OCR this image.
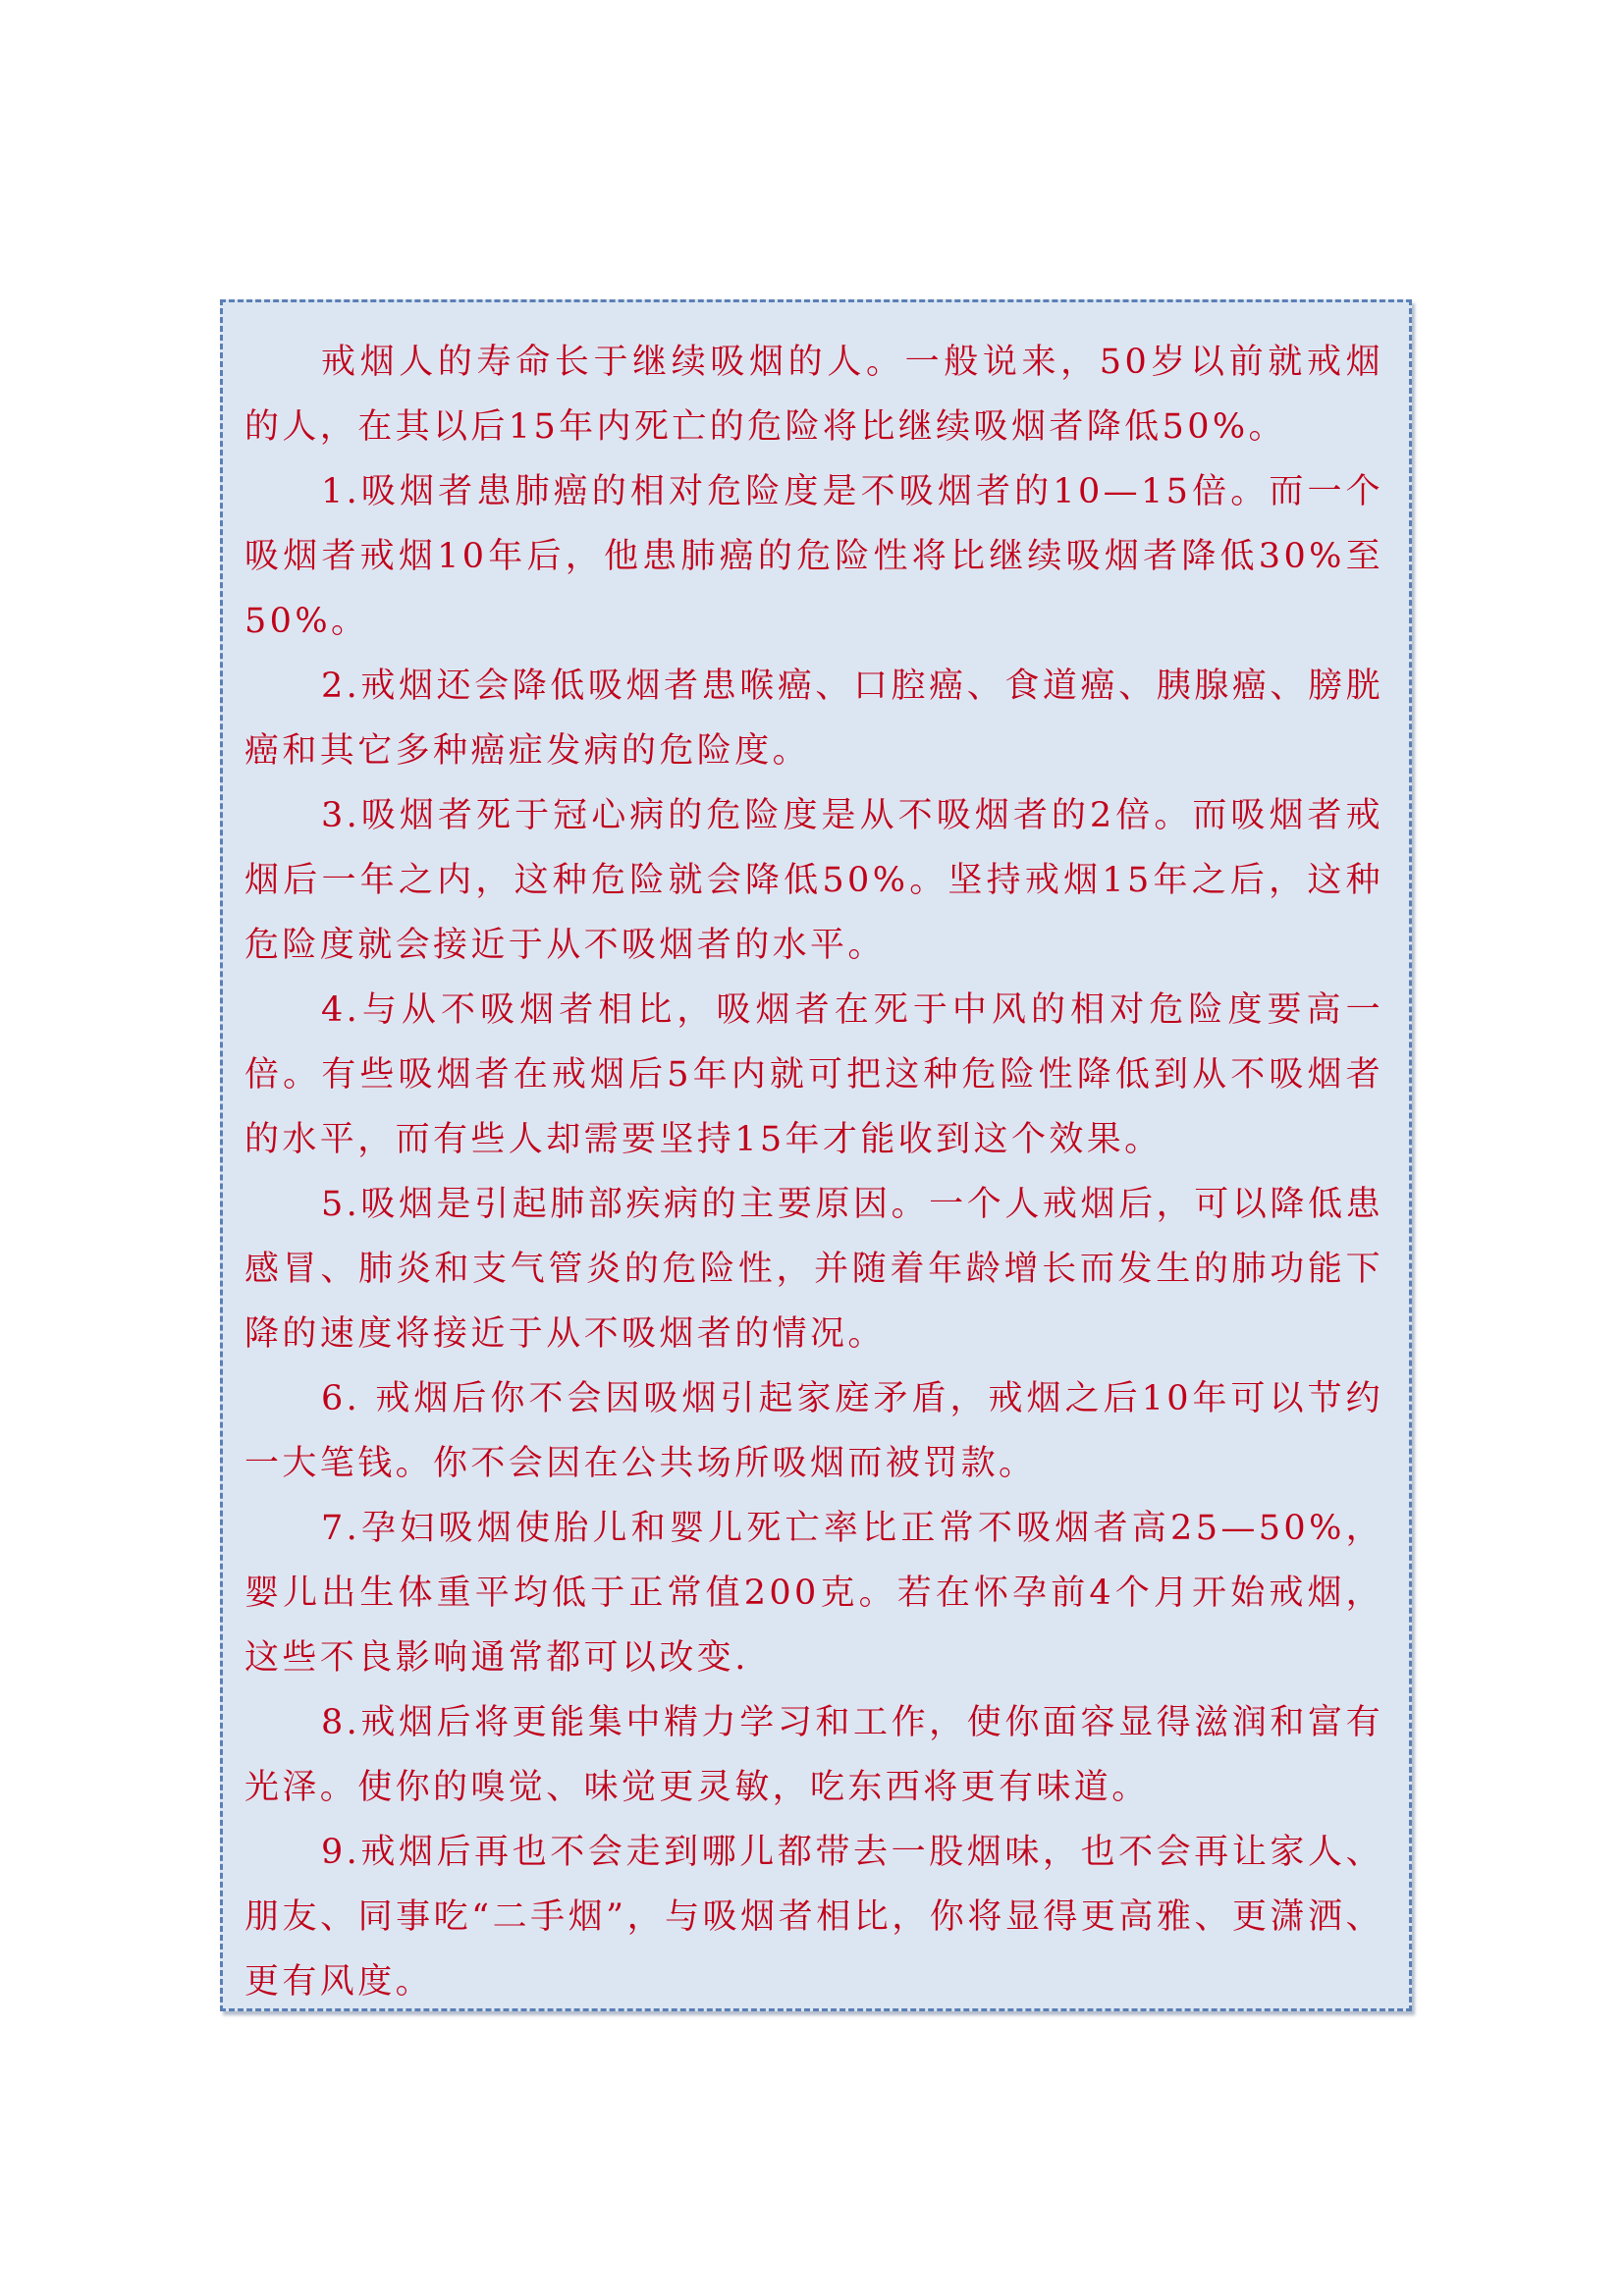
戒烟人的寿命长于继续吸烟的人。一般说来，50岁以前就戒烟的人，在其以后15年内死亡的危险将比继续吸烟者降低50%。

1.吸烟者患肺癌的相对危险度是不吸烟者的10—15倍。而一个吸烟者戒烟10年后，他患肺癌的危险性将比继续吸烟者降低30%至50%。

2.戒烟还会降低吸烟者患喉癌、口腔癌、食道癌、胰腺癌、膀胱癌和其它多种癌症发病的危险度。

3.吸烟者死于冠心病的危险度是从不吸烟者的2倍。而吸烟者戒烟后一年之内，这种危险就会降低50%。坚持戒烟15年之后，这种危险度就会接近于从不吸烟者的水平。

4.与从不吸烟者相比，吸烟者在死于中风的相对危险度要高一倍。有些吸烟者在戒烟后5年内就可把这种危险性降低到从不吸烟者的水平，而有些人却需要坚持15年才能收到这个效果。

5.吸烟是引起肺部疾病的主要原因。一个人戒烟后，可以降低患感冒、肺炎和支气管炎的危险性，并随着年龄增长而发生的肺功能下降的速度将接近于从不吸烟者的情况。

6. 戒烟后你不会因吸烟引起家庭矛盾，戒烟之后10年可以节约一大笔钱。你不会因在公共场所吸烟而被罚款。

7.孕妇吸烟使胎儿和婴儿死亡率比正常不吸烟者高25—50%，婴儿出生体重平均低于正常值200克。若在怀孕前4个月开始戒烟，这些不良影响通常都可以改变.

8.戒烟后将更能集中精力学习和工作，使你面容显得滋润和富有光泽。使你的嗅觉、味觉更灵敏，吃东西将更有味道。

9.戒烟后再也不会走到哪儿都带去一股烟味，也不会再让家人、朋友、同事吃“二手烟”，与吸烟者相比，你将显得更高雅、更潇洒、更有风度。
